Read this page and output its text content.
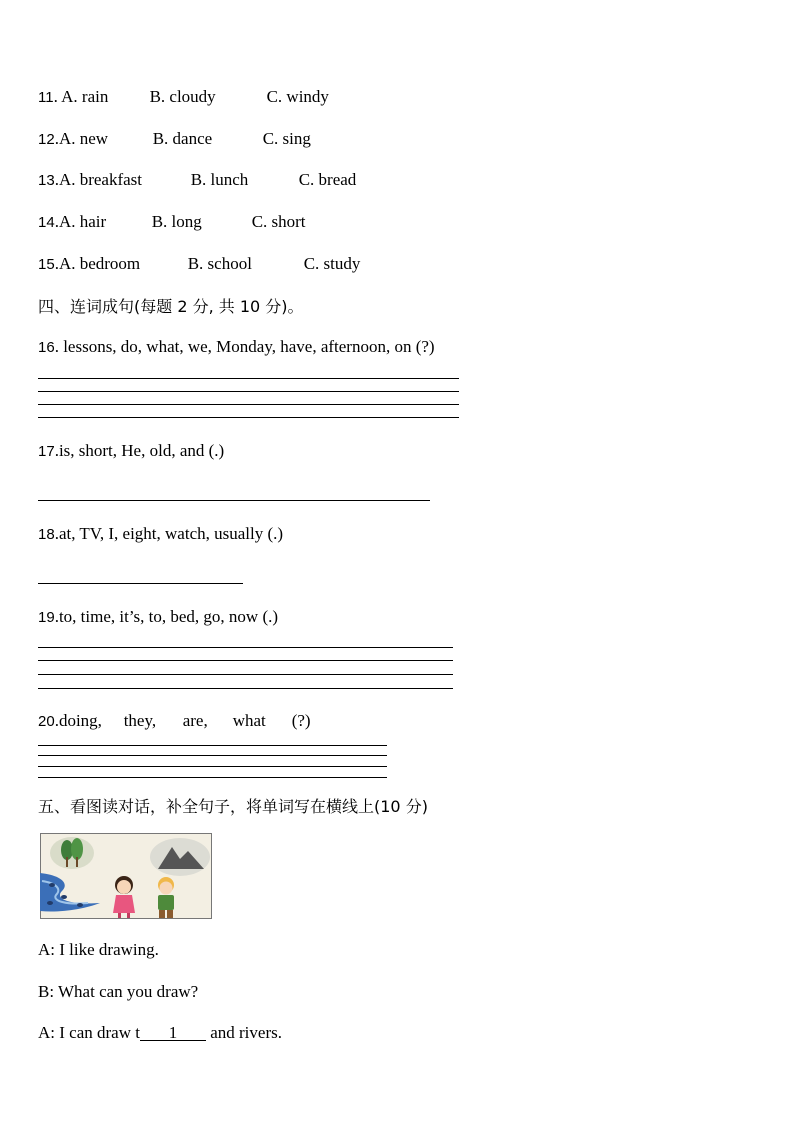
11. A. rain B. cloudy	C. windy
12.A. new	B. dance	C. sing
13.A. breakfast	B. lunch	C. bread
14.A. hair	B. long	C. short
15.A. bedroom	B. school	C. study
四、连词成句(每题 2 分, 共 10 分)。
16. lessons, do, what, we, Monday, have, afternoon, on (?)
17.is, short, He, old, and (.)
18.at, TV, I, eight, watch, usually (.)
19.to, time, it’s, to, bed, go, now (.)
20.doing, they, are, what (?)
五、看图读对话，补全句子，将单词写在横线上(10 分)
A: I like drawing.
B: What can you draw?
A: I can draw t 1 and rivers.
